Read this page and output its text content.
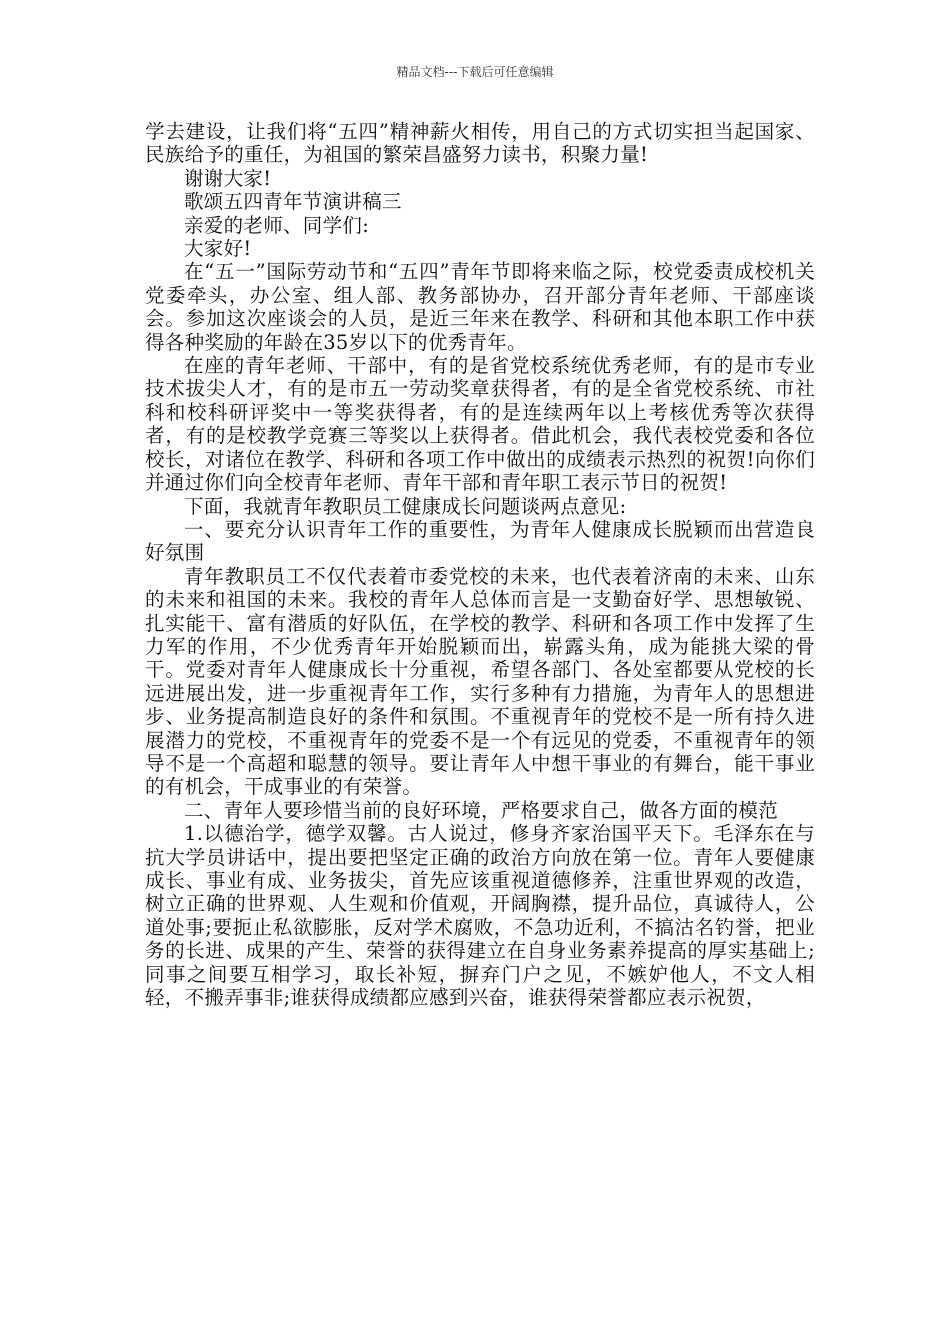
精品文档---下载后可任意编辑

学去建设，让我们将“五四”精神薪火相传，用自己的方式切实担当起国家、民族给予的重任，为祖国的繁荣昌盛努力读书，积聚力量!

谢谢大家!

歌颂五四青年节演讲稿三

亲爱的老师、同学们:

大家好!

在“五一”国际劳动节和“五四”青年节即将来临之际，校党委责成校机关党委牵头，办公室、组人部、教务部协办，召开部分青年老师、干部座谈会。参加这次座谈会的人员，是近三年来在教学、科研和其他本职工作中获得各种奖励的年龄在35岁以下的优秀青年。

在座的青年老师、干部中，有的是省党校系统优秀老师，有的是市专业技术拔尖人才，有的是市五一劳动奖章获得者，有的是全省党校系统、市社科和校科研评奖中一等奖获得者，有的是连续两年以上考核优秀等次获得者，有的是校教学竞赛三等奖以上获得者。借此机会，我代表校党委和各位校长，对诸位在教学、科研和各项工作中做出的成绩表示热烈的祝贺!向你们并通过你们向全校青年老师、青年干部和青年职工表示节日的祝贺!

下面，我就青年教职员工健康成长问题谈两点意见:

一、要充分认识青年工作的重要性，为青年人健康成长脱颖而出营造良好氛围

青年教职员工不仅代表着市委党校的未来，也代表着济南的未来、山东的未来和祖国的未来。我校的青年人总体而言是一支勤奋好学、思想敏锐、扎实能干、富有潜质的好队伍，在学校的教学、科研和各项工作中发挥了生力军的作用，不少优秀青年开始脱颖而出，崭露头角，成为能挑大梁的骨干。党委对青年人健康成长十分重视，希望各部门、各处室都要从党校的长远进展出发，进一步重视青年工作，实行多种有力措施，为青年人的思想进步、业务提高制造良好的条件和氛围。不重视青年的党校不是一所有持久进展潜力的党校，不重视青年的党委不是一个有远见的党委，不重视青年的领导不是一个高超和聪慧的领导。要让青年人中想干事业的有舞台，能干事业的有机会，干成事业的有荣誉。

二、青年人要珍惜当前的良好环境，严格要求自己，做各方面的模范

1.以德治学，德学双馨。古人说过，修身齐家治国平天下。毛泽东在与抗大学员讲话中，提出要把坚定正确的政治方向放在第一位。青年人要健康成长、事业有成、业务拔尖，首先应该重视道德修养，注重世界观的改造，树立正确的世界观、人生观和价值观，开阔胸襟，提升品位，真诚待人，公道处事;要扼止私欲膨胀，反对学术腐败，不急功近利，不搞沽名钓誉，把业务的长进、成果的产生、荣誉的获得建立在自身业务素养提高的厚实基础上;同事之间要互相学习，取长补短，摒弃门户之见，不嫉妒他人，不文人相轻，不搬弄事非;谁获得成绩都应感到兴奋，谁获得荣誉都应表示祝贺，
